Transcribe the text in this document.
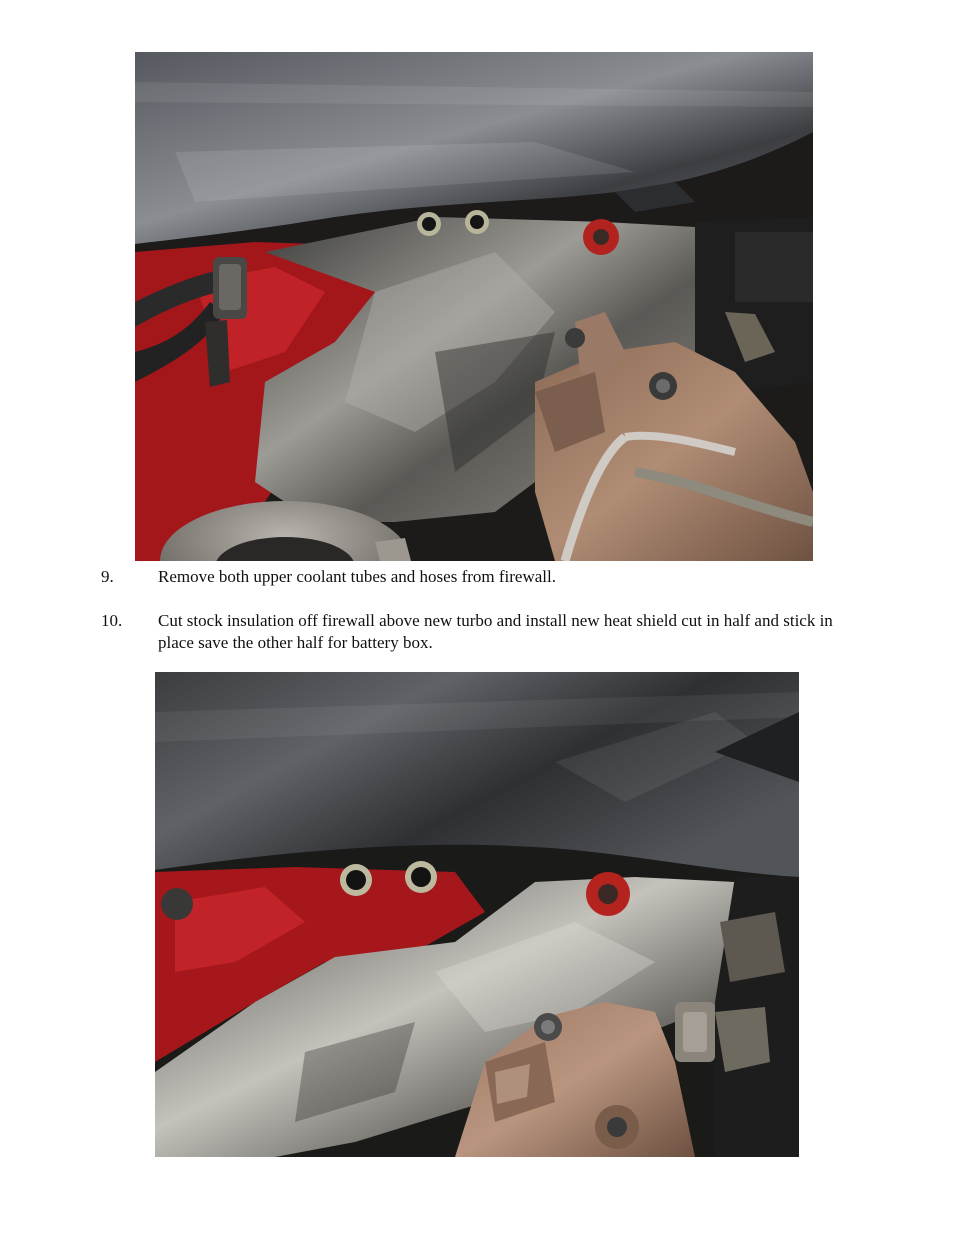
9.	Remove both upper coolant tubes and hoses from firewall.
10. Cut stock insulation off firewall above new turbo and install new heat shield cut in half and stick in place save the other half for battery box.
